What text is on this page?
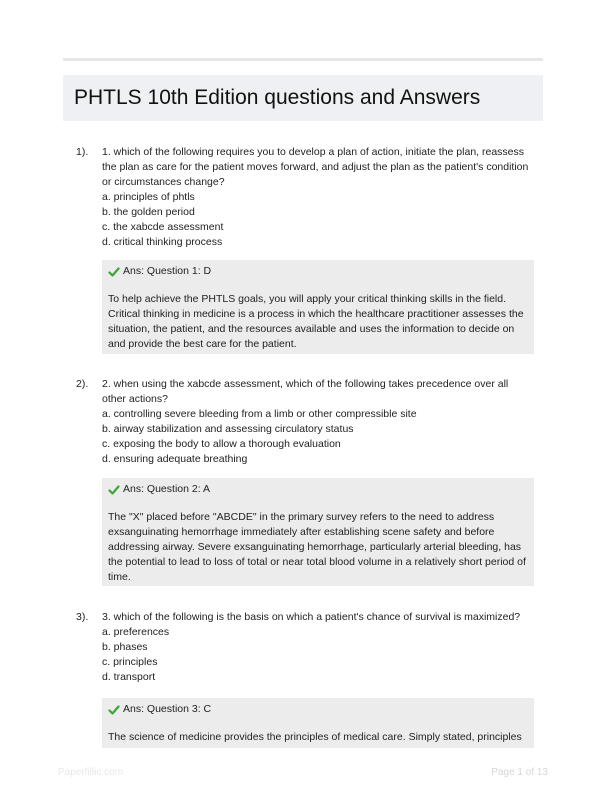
PHTLS 10th Edition questions and Answers
1). 1. which of the following requires you to develop a plan of action, initiate the plan, reassess the plan as care for the patient moves forward, and adjust the plan as the patient's condition or circumstances change?

a. principles of phtls

b. the golden period

c. the xabcde assessment

d. critical thinking process

Ans: Question 1: D
To help achieve the PHTLS goals, you will apply your critical thinking skills in the field. Critical thinking in medicine is a process in which the healthcare practitioner assesses the situation, the patient, and the resources available and uses the information to decide on and provide the best care for the patient.
2). 2. when using the xabcde assessment, which of the following takes precedence over all other actions?

a. controlling severe bleeding from a limb or other compressible site

b. airway stabilization and assessing circulatory status

c. exposing the body to allow a thorough evaluation

d. ensuring adequate breathing

Ans: Question 2: A
The "X" placed before "ABCDE" in the primary survey refers to the need to address exsanguinating hemorrhage immediately after establishing scene safety and before addressing airway. Severe exsanguinating hemorrhage, particularly arterial bleeding, has the potential to lead to loss of total or near total blood volume in a relatively short period of time.
3). 3. which of the following is the basis on which a patient's chance of survival is maximized?

a. preferences

b. phases

c. principles

d. transport

Ans: Question 3: C
The science of medicine provides the principles of medical care. Simply stated, principles
Paperfillic.com	Page 1 of 13
